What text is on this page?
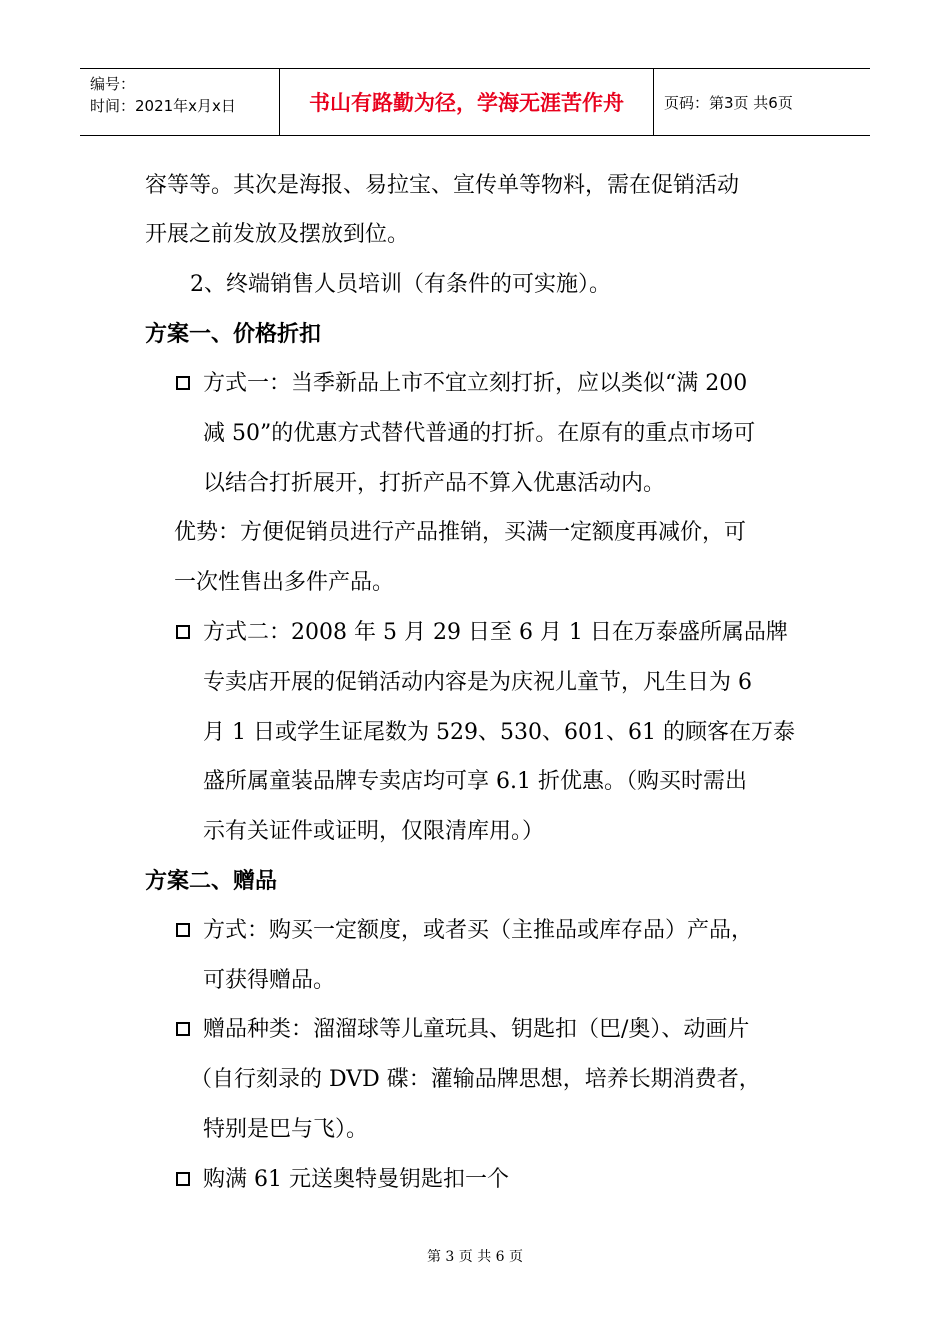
编号：
时间：2021年x月x日	书山有路勤为径，学海无涯苦作舟	页码：第3页 共6页
容等等。其次是海报、易拉宝、宣传单等物料，需在促销活动
开展之前发放及摆放到位。
2、终端销售人员培训（有条件的可实施）。
方案一、价格折扣
方式一：当季新品上市不宜立刻打折，应以类似“满 200
减 50”的优惠方式替代普通的打折。在原有的重点市场可
以结合打折展开，打折产品不算入优惠活动内。
优势：方便促销员进行产品推销，买满一定额度再减价，可
一次性售出多件产品。
方式二：2008 年 5 月 29 日至 6 月 1 日在万泰盛所属品牌
专卖店开展的促销活动内容是为庆祝儿童节，凡生日为 6
月 1 日或学生证尾数为 529、530、601、61 的顾客在万泰
盛所属童装品牌专卖店均可享 6.1 折优惠。（购买时需出
示有关证件或证明，仅限清库用。）
方案二、赠品
方式：购买一定额度，或者买（主推品或库存品）产品，
可获得赠品。
赠品种类：溜溜球等儿童玩具、钥匙扣（巴/奥）、动画片
（自行刻录的 DVD 碟：灌输品牌思想，培养长期消费者，
特别是巴与飞）。
购满 61 元送奥特曼钥匙扣一个
第 3 页 共 6 页
